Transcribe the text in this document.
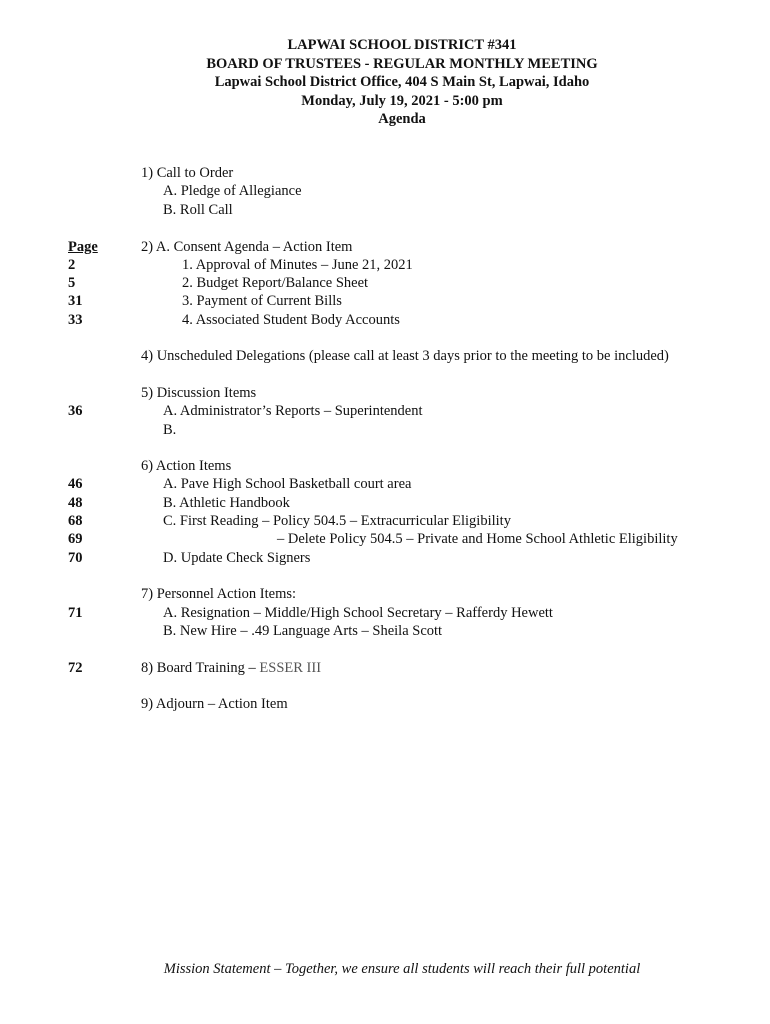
LAPWAI SCHOOL DISTRICT #341
BOARD OF TRUSTEES - REGULAR MONTHLY MEETING
Lapwai School District Office, 404 S Main St, Lapwai, Idaho
Monday, July 19, 2021 - 5:00 pm
Agenda
Page
2
5
31
33
36
46
48
68
69
70
71
72
1) Call to Order
A. Pledge of Allegiance
B. Roll Call
2) A. Consent Agenda – Action Item
1. Approval of Minutes – June 21, 2021
2. Budget Report/Balance Sheet
3. Payment of Current Bills
4. Associated Student Body Accounts
4) Unscheduled Delegations (please call at least 3 days prior to the meeting to be included)
5) Discussion Items
A. Administrator’s Reports – Superintendent
B.
6) Action Items
A. Pave High School Basketball court area
B. Athletic Handbook
C. First Reading – Policy 504.5 – Extracurricular Eligibility
– Delete Policy 504.5 – Private and Home School Athletic Eligibility
D. Update Check Signers
7) Personnel Action Items:
A. Resignation – Middle/High School Secretary – Rafferdy Hewett
B. New Hire – .49 Language Arts – Sheila Scott
8) Board Training – ESSER III
9) Adjourn – Action Item
Mission Statement – Together, we ensure all students will reach their full potential
